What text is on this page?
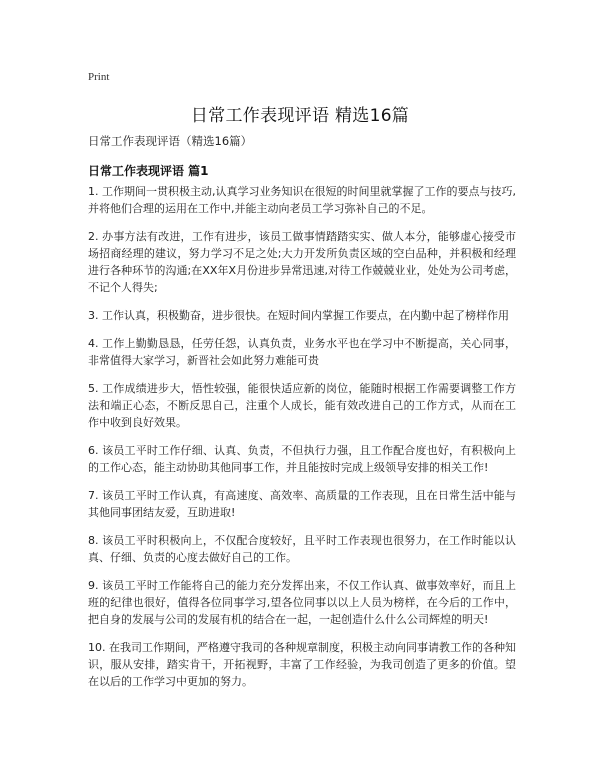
Print
日常工作表现评语 精选16篇
日常工作表现评语（精选16篇）
日常工作表现评语 篇1

1. 工作期间一贯积极主动,认真学习业务知识在很短的时间里就掌握了工作的要点与技巧,并将他们合理的运用在工作中,并能主动向老员工学习弥补自己的不足。

2. 办事方法有改进，工作有进步，该员工做事情踏踏实实、做人本分，能够虚心接受市场招商经理的建议，努力学习不足之处;大力开发所负责区域的空白品种，并积极和经理进行各种环节的沟通;在XX年X月份进步异常迅速,对待工作兢兢业业，处处为公司考虑，不记个人得失;

3. 工作认真，积极勤奋，进步很快。在短时间内掌握工作要点，在内勤中起了榜样作用

4. 工作上勤勤恳恳，任劳任怨，认真负责，业务水平也在学习中不断提高，关心同事，非常值得大家学习，新晋社会如此努力难能可贵

5. 工作成绩进步大，悟性较强，能很快适应新的岗位，能随时根据工作需要调整工作方法和端正心态，不断反思自己，注重个人成长，能有效改进自己的工作方式，从而在工作中收到良好效果。

6. 该员工平时工作仔细、认真、负责，不但执行力强，且工作配合度也好，有积极向上的工作心态，能主动协助其他同事工作，并且能按时完成上级领导安排的相关工作!

7. 该员工平时工作认真，有高速度、高效率、高质量的工作表现，且在日常生活中能与其他同事团结友爱，互助进取!

8. 该员工平时积极向上，不仅配合度较好，且平时工作表现也很努力，在工作时能以认真、仔细、负责的心度去做好自己的工作。

9. 该员工平时工作能将自己的能力充分发挥出来，不仅工作认真、做事效率好，而且上班的纪律也很好，值得各位同事学习,望各位同事以以上人员为榜样，在今后的工作中，把自身的发展与公司的发展有机的结合在一起，一起创造什么什么公司辉煌的明天!

10. 在我司工作期间，严格遵守我司的各种规章制度，积极主动向同事请教工作的各种知识，服从安排，踏实肯干，开拓视野，丰富了工作经验，为我司创造了更多的价值。望在以后的工作学习中更加的努力。
